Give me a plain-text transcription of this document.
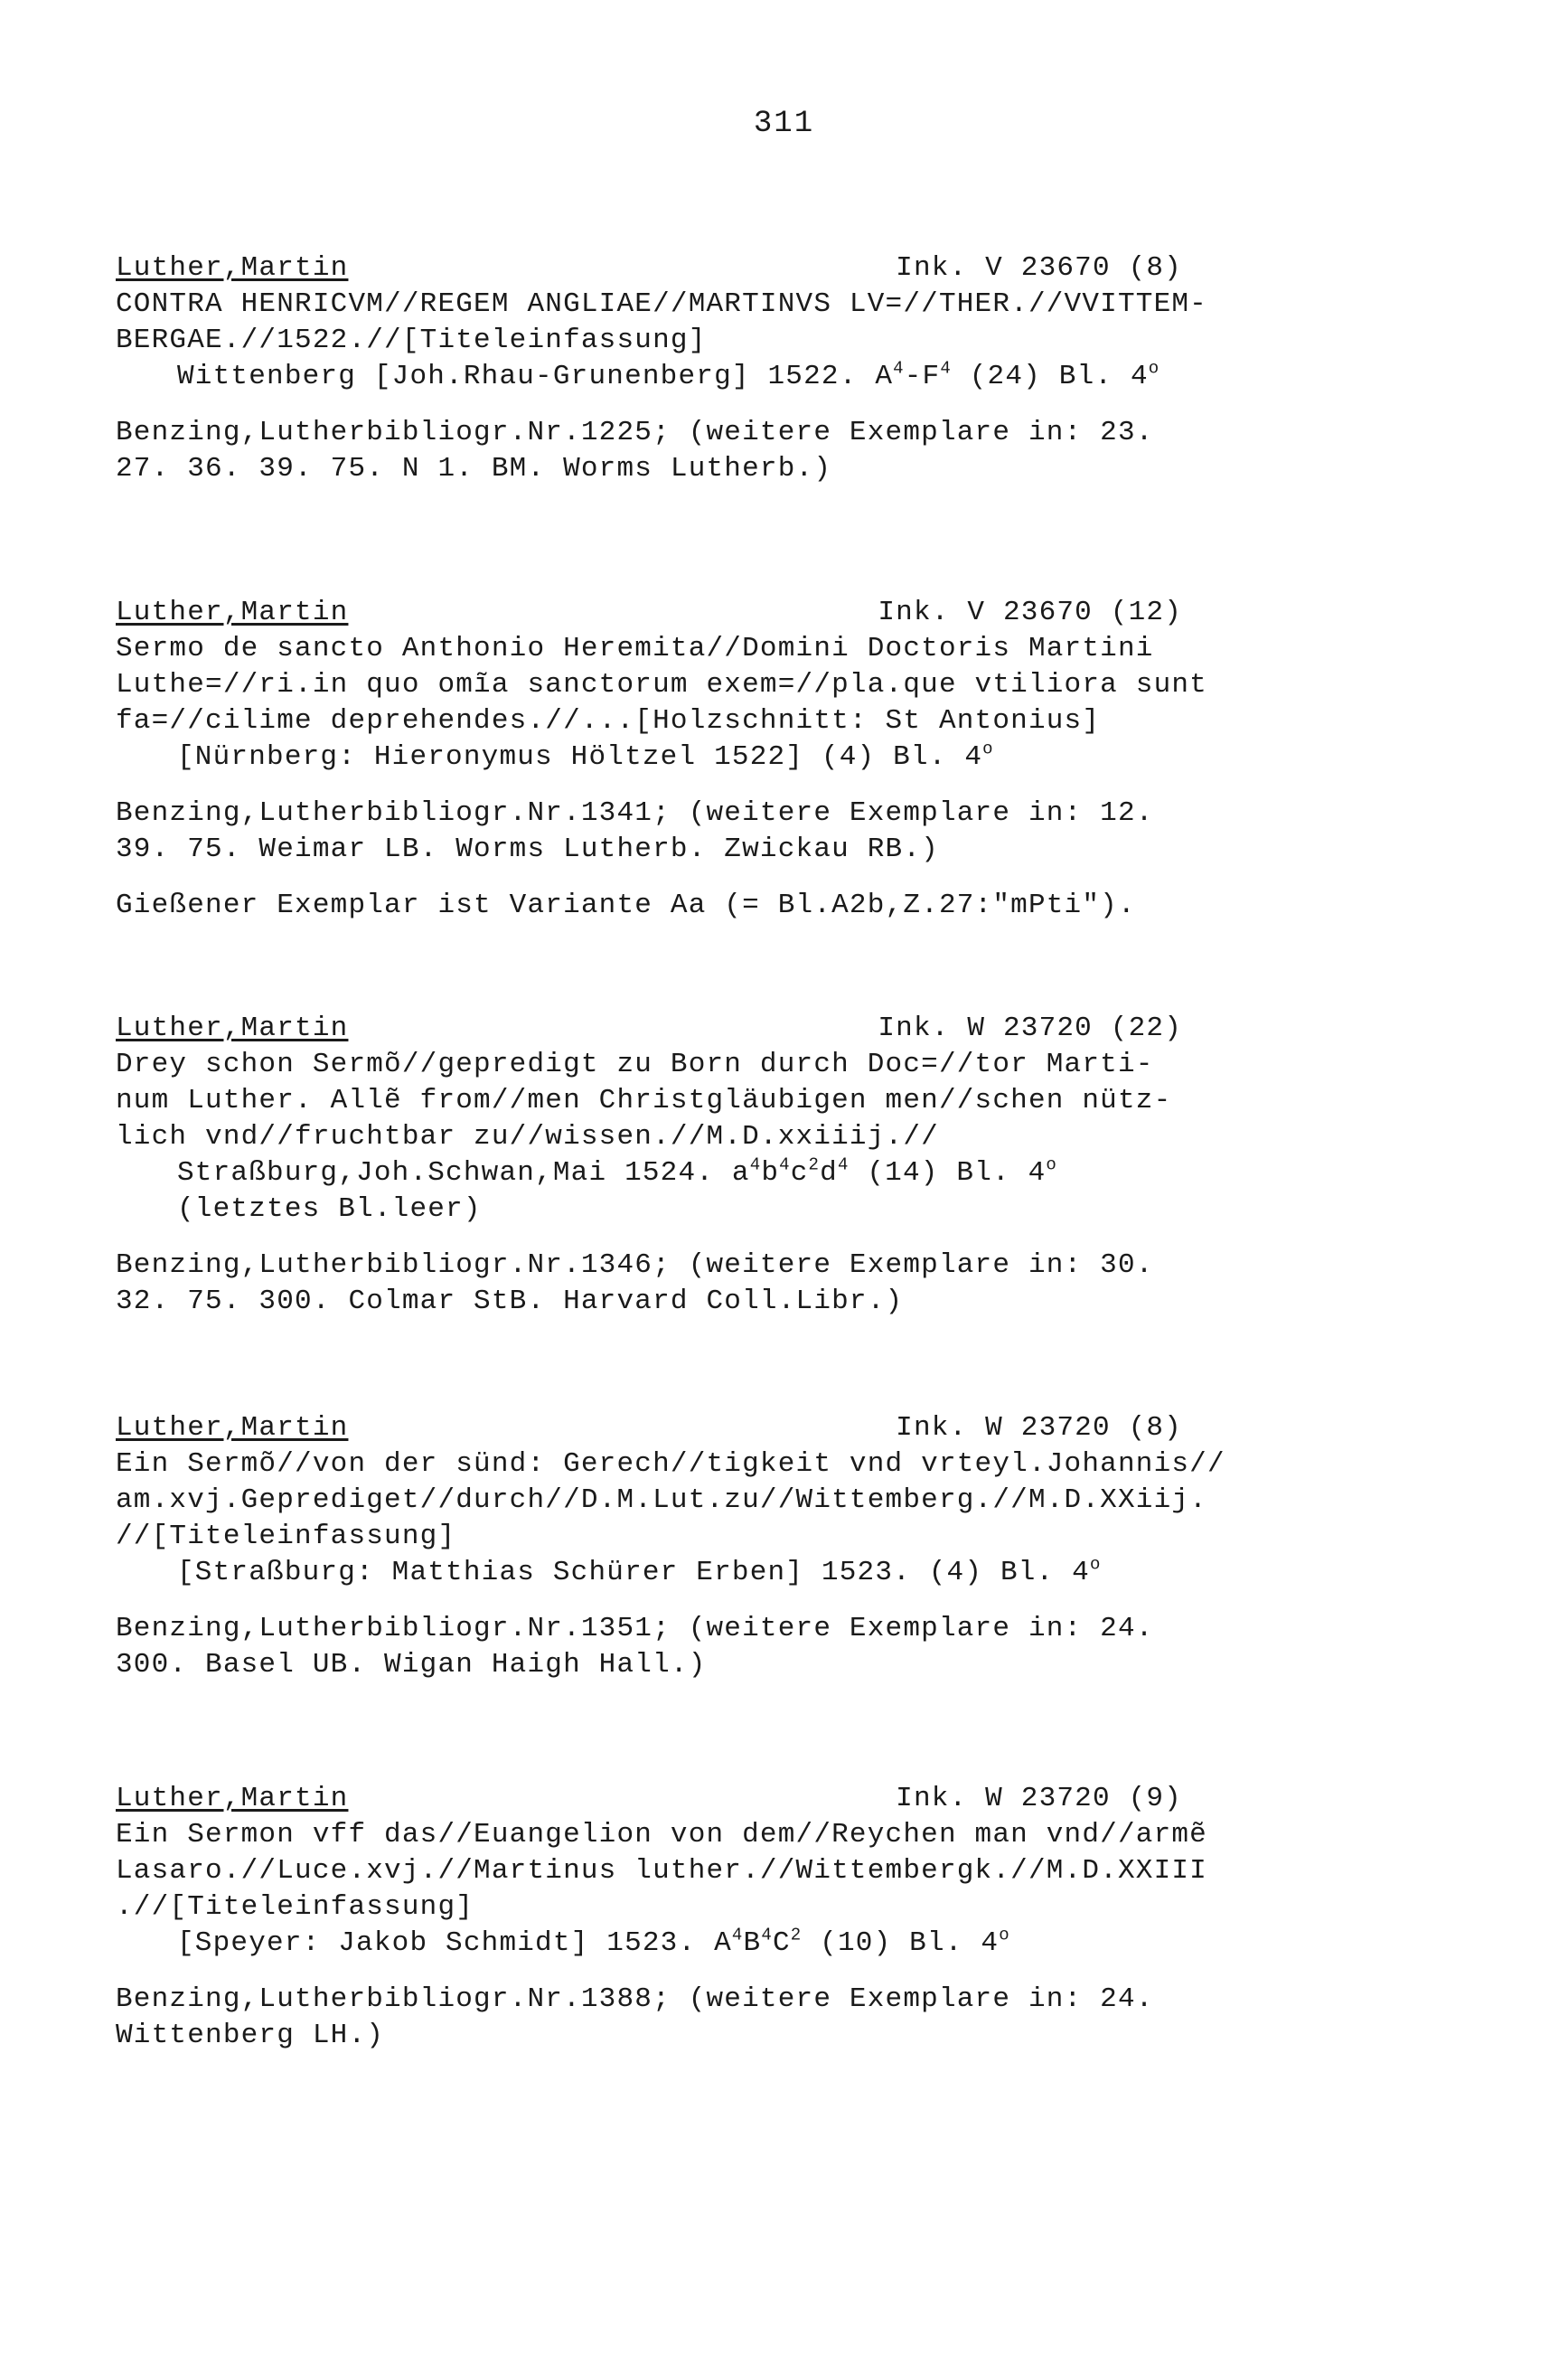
311
Luther,Martin	Ink. V 23670 (8)
CONTRA HENRICVM//REGEM ANGLIAE//MARTINVS LV=//THER.//VVITTEM-
BERGAE.//1522.//[Titeleinfassung]
Wittenberg [Joh.Rhau-Grunenberg] 1522. $A^4-F^4$ (24) Bl. 4$^o$
Benzing,Lutherbibliogr.Nr.1225; (weitere Exemplare in: 23.
27. 36. 39. 75. N 1. BM. Worms Lutherb.)
Luther,Martin	Ink. V 23670 (12)
Sermo de sancto Anthonio Heremita//Domini Doctoris Martini
Luthe=//ri.in quo omĩa sanctorum exem=//pla.que vtiliora sunt
fa=//cilime deprehendes.//...[Holzschnitt: St Antonius]
[Nürnberg: Hieronymus Höltzel 1522] (4) Bl. 4$^o$
Benzing,Lutherbibliogr.Nr.1341; (weitere Exemplare in: 12.
39. 75. Weimar LB. Worms Lutherb. Zwickau RB.)
Gießener Exemplar ist Variante Aa (= Bl.A2b,Z.27:"mPti").
Luther,Martin	Ink. W 23720 (22)
Drey schon Sermõ//gepredigt zu Born durch Doc=//tor Marti-
num Luther. Allẽ from//men Christgläubigen men//schen nütz-
lich vnd//fruchtbar zu//wissen.//M.D.xxiiij.//
Straßburg,Joh.Schwan,Mai 1524. $a^4b^4c^2d^4$ (14) Bl. 4$^o$
(letztes Bl.leer)
Benzing,Lutherbibliogr.Nr.1346; (weitere Exemplare in: 30.
32. 75. 300. Colmar StB. Harvard Coll.Libr.)
Luther,Martin	Ink. W 23720 (8)
Ein Sermõ//von der sünd: Gerech//tigkeit vnd vrteyl.Johannis//
am.xvj.Geprediget//durch//D.M.Lut.zu//Wittemberg.//M.D.XXiij.
//[Titeleinfassung]
[Straßburg: Matthias Schürer Erben] 1523. (4) Bl. 4$^o$
Benzing,Lutherbibliogr.Nr.1351; (weitere Exemplare in: 24.
300. Basel UB. Wigan Haigh Hall.)
Luther,Martin	Ink. W 23720 (9)
Ein Sermon vff das//Euangelion von dem//Reychen man vnd//armẽ
Lasaro.//Luce.xvj.//Martinus luther.//Wittembergk.//M.D.XXIII
.//[Titeleinfassung]
[Speyer: Jakob Schmidt] 1523. $A^4B^4C^2$ (10) Bl. 4$^o$
Benzing,Lutherbibliogr.Nr.1388; (weitere Exemplare in: 24.
Wittenberg LH.)
